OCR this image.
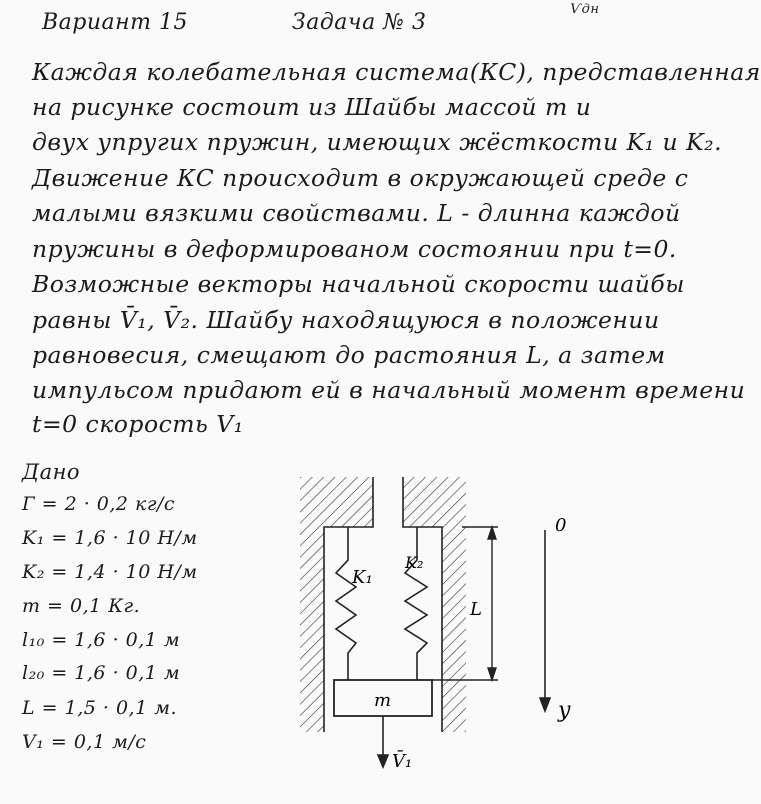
Вариант 15	Задача № 3
Ѵдн
Каждая колебательная система(КС), представленная
на рисунке состоит из Шайбы массой m и
двух упругих пружин, имеющих жёсткости K₁ и K₂.
Движение КС происходит в окружающей среде с
малыми вязкими свойствами. L - длинна каждой
пружины в деформированом состоянии при t=0.
Возможные векторы начальной скорости шайбы
равны V̄₁, V̄₂. Шайбу находящуюся в положении
равновесия, смещают до растояния L, а затем
импульсом придают ей в начальный момент времени
t=0 скорость V₁
Дано
Г = 2 · 0,2 кг/с
K₁ = 1,6 · 10 Н/м
K₂ = 1,4 · 10 Н/м
m = 0,1 Кг.
l₁₀ = 1,6 · 0,1 м
l₂₀ = 1,6 · 0,1 м
L = 1,5 · 0,1 м.
V₁ = 0,1 м/с
K₁
K₂
m
L
0
y
V̄₁
